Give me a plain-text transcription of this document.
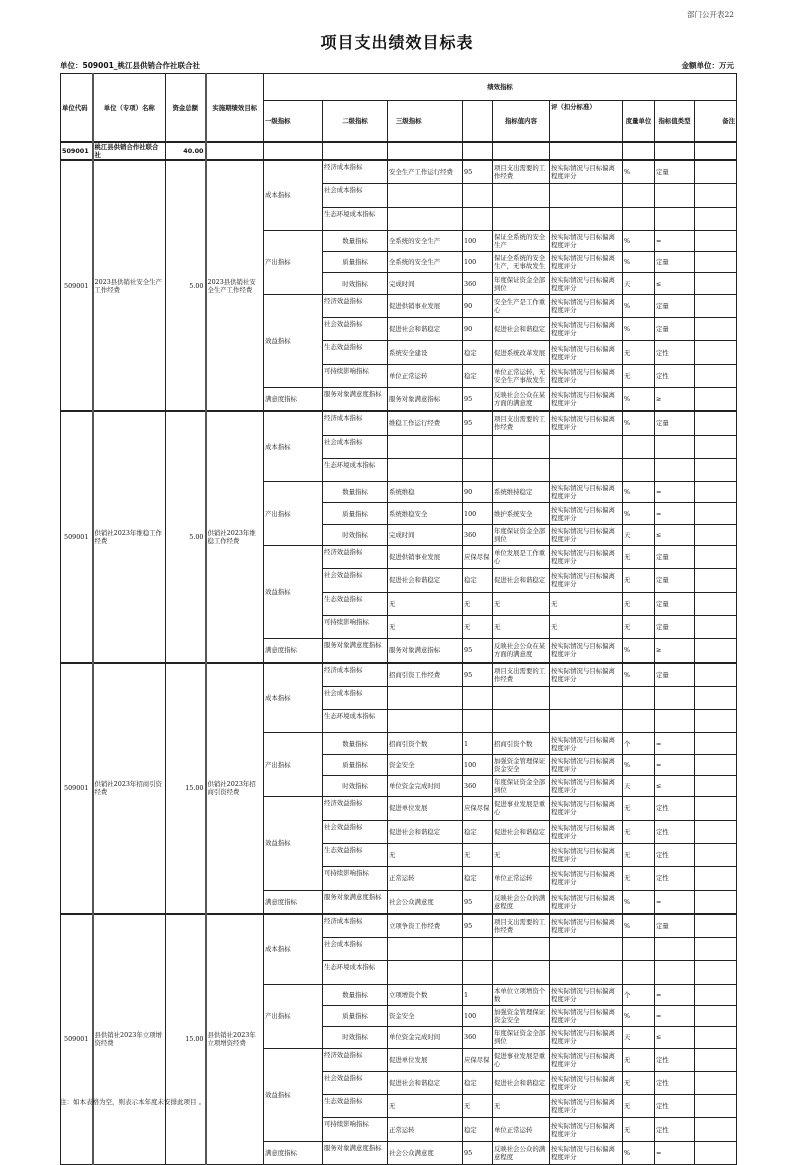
部门公开表22
项目支出绩效目标表
单位：509001_桃江县供销合作社联合社	金额单位：万元
单位代码	单位（专项）名称	资金总额	实施期绩效目标	绩效指标								
				一级指标	二级指标	三级指标		指标值内容	评（扣分标准）	度量单位	指标值类型	备注
509001	桃江县供销合作社联合社	40.00										
509001	2023县供销社安全生产工作经费	5.00	2023县供销社安全生产工作经费	成本指标	经济成本指标	安全生产工作运行经费	95	项目支出需要的工作经费	按实际情况与目标偏离程度评分	%	定量	
					社会成本指标							
					生态环境成本指标							
				产出指标	数量指标	全系统的安全生产	100	保证全系统的安全生产	按实际情况与目标偏离程度评分	%	=	
					质量指标	全系统的安全生产	100	保证全系统的安全生产，无事故发生	按实际情况与目标偏离程度评分	%	定量	
					时效指标	完成时间	360	年度保证资金全部到位	按实际情况与目标偏离程度评分	天	≤	
				效益指标	经济效益指标	促进供销事业发展	90	安全生产是工作重心	按实际情况与目标偏离程度评分	%	定量	
					社会效益指标	促进社会和谐稳定	90	促进社会和谐稳定	按实际情况与目标偏离程度评分	%	定量	
					生态效益指标	系统安全建设	稳定	促进系统改革发展	按实际情况与目标偏离程度评分	无	定性	
					可持续影响指标	单位正常运转	稳定	单位正常运转，无安全生产事故发生	按实际情况与目标偏离程度评分	无	定性	
				满意度指标	服务对象满意度指标	服务对象满意指标	95	反映社会公众在某方面的满意度	按实际情况与目标偏离程度评分	%	≥	
509001	供销社2023年维稳工作经费	5.00	供销社2023年维稳工作经费	成本指标	经济成本指标	维稳工作运行经费	95	项目支出需要的工作经费	按实际情况与目标偏离程度评分	%	定量	
					社会成本指标							
					生态环境成本指标							
				产出指标	数量指标	系统维稳	90	系统维持稳定	按实际情况与目标偏离程度评分	%	=	
					质量指标	系统维稳安全	100	维护系统安全	按实际情况与目标偏离程度评分	%	=	
					时效指标	完成时间	360	年度保证资金全部到位	按实际情况与目标偏离程度评分	天	≤	
				效益指标	经济效益指标	促进供销事业发展	应保尽保	单位发展是工作重心	按实际情况与目标偏离程度评分	无	定量	
					社会效益指标	促进社会和谐稳定	稳定	促进社会和谐稳定	按实际情况与目标偏离程度评分	无	定量	
					生态效益指标	无	无	无	无	无	定量	
					可持续影响指标	无	无	无	无	无	定量	
				满意度指标	服务对象满意度指标	服务对象满意指标	95	反映社会公众在某方面的满意度	按实际情况与目标偏离程度评分	%	≥	
509001	供销社2023年招商引资经费	15.00	供销社2023年招商引资经费	成本指标	经济成本指标	招商引资工作经费	95	项目支出需要的工作经费	按实际情况与目标偏离程度评分	%	定量	
					社会成本指标							
					生态环境成本指标							
				产出指标	数量指标	招商引资个数	1	招商引资个数	按实际情况与目标偏离程度评分	个	=	
					质量指标	资金安全	100	加强资金管理保证资金安全	按实际情况与目标偏离程度评分	%	=	
					时效指标	单位资金完成时间	360	年度保证资金全部到位	按实际情况与目标偏离程度评分	天	≤	
				效益指标	经济效益指标	促进单位发展	应保尽保	促进事业发展是重心	按实际情况与目标偏离程度评分	无	定性	
					社会效益指标	促进社会和谐稳定	稳定	促进社会和谐稳定	按实际情况与目标偏离程度评分	无	定性	
					生态效益指标	无	无	无	按实际情况与目标偏离程度评分	无	定性	
					可持续影响指标	正常运转	稳定	单位正常运转	按实际情况与目标偏离程度评分	无	定性	
				满意度指标	服务对象满意度指标	社会公众满意度	95	反映社会公众的满意程度	按实际情况与目标偏离程度评分	%	=	
509001	县供销社2023年立项增资经费	15.00	县供销社2023年立项增资经费	成本指标	经济成本指标	立项争资工作经费	95	项目支出需要的工作经费	按实际情况与目标偏离程度评分	%	定量	
					社会成本指标							
					生态环境成本指标							
				产出指标	数量指标	立项增资个数	1	本单位立项增资个数	按实际情况与目标偏离程度评分	个	=	
					质量指标	资金安全	100	加强资金管理保证资金安全	按实际情况与目标偏离程度评分	%	=	
					时效指标	单位资金完成时间	360	年度保证资金全部到位	按实际情况与目标偏离程度评分	天	≤	
				效益指标	经济效益指标	促进单位发展	应保尽保	促进事业发展是重心	按实际情况与目标偏离程度评分	无	定性	
					社会效益指标	促进社会和谐稳定	稳定	促进社会和谐稳定	按实际情况与目标偏离程度评分	无	定性	
					生态效益指标	无	无	无	按实际情况与目标偏离程度评分	无	定性	
					可持续影响指标	正常运转	稳定	单位正常运转	按实际情况与目标偏离程度评分	无	定性	
				满意度指标	服务对象满意度指标	社会公众满意度	95	反映社会公众的满意程度	按实际情况与目标偏离程度评分	%	=	
注：如本表格为空，则表示本年度未安排此项目 。
